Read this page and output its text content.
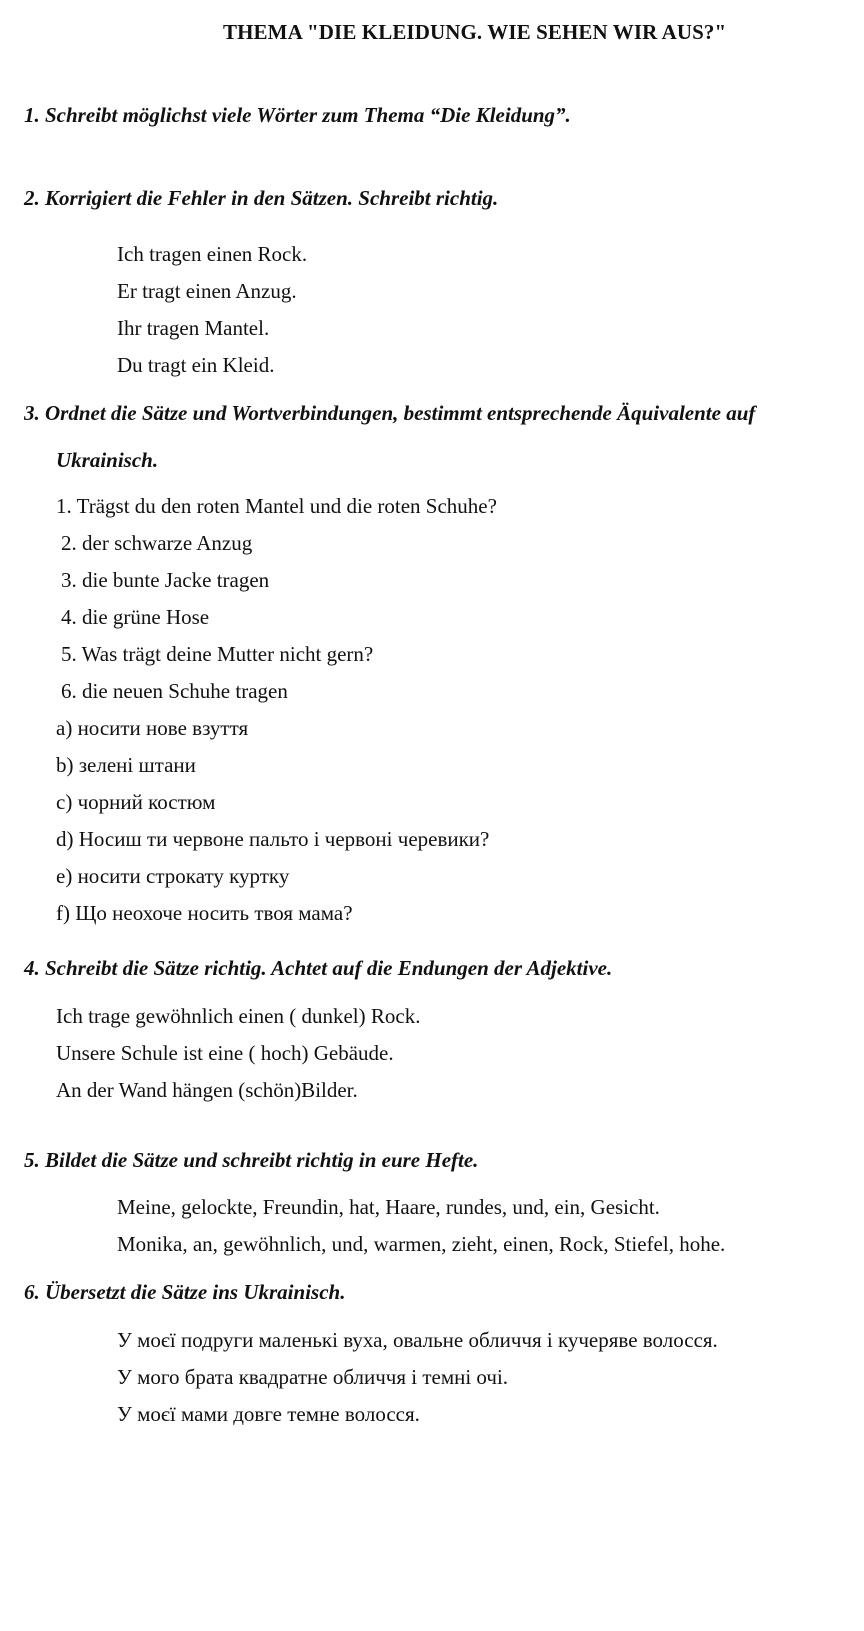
THEMA "DIE KLEIDUNG. WIE SEHEN WIR AUS?"
1. Schreibt möglichst viele Wörter zum Thema “Die Kleidung”.
2. Korrigiert die Fehler in den Sätzen. Schreibt richtig.
Ich tragen einen Rock.
Er tragt einen Anzug.
Ihr tragen Mantel.
Du tragt ein Kleid.
3. Ordnet die Sätze und Wortverbindungen, bestimmt entsprechende Äquivalente auf
Ukrainisch.
1. Trägst du den roten Mantel und die roten Schuhe?
2. der schwarze Anzug
3. die bunte Jacke tragen
4. die grüne Hose
5. Was trägt deine Mutter nicht gern?
6. die neuen Schuhe tragen
a) носити нове взуття
b) зелені штани
c) чорний костюм
d) Носиш ти червоне пальто і червоні черевики?
e) носити строкату куртку
f) Що неохоче носить твоя мама?
4. Schreibt die Sätze richtig. Achtet auf die Endungen der Adjektive.
Ich trage gewöhnlich einen ( dunkel) Rock.
Unsere Schule ist eine ( hoch) Gebäude.
An der Wand hängen (schön)Bilder.
5. Bildet die Sätze und schreibt richtig in eure Hefte.
Meine, gelockte, Freundin, hat, Haare, rundes, und, ein, Gesicht.
Monika, an, gewöhnlich, und, warmen, zieht, einen, Rock, Stiefel, hohe.
6. Übersetzt die Sätze ins Ukrainisch.
У моєї подруги маленькі вуха, овальне обличчя і кучеряве волосся.
У мого брата квадратне обличчя і темні очі.
У моєї мами довге темне волосся.
